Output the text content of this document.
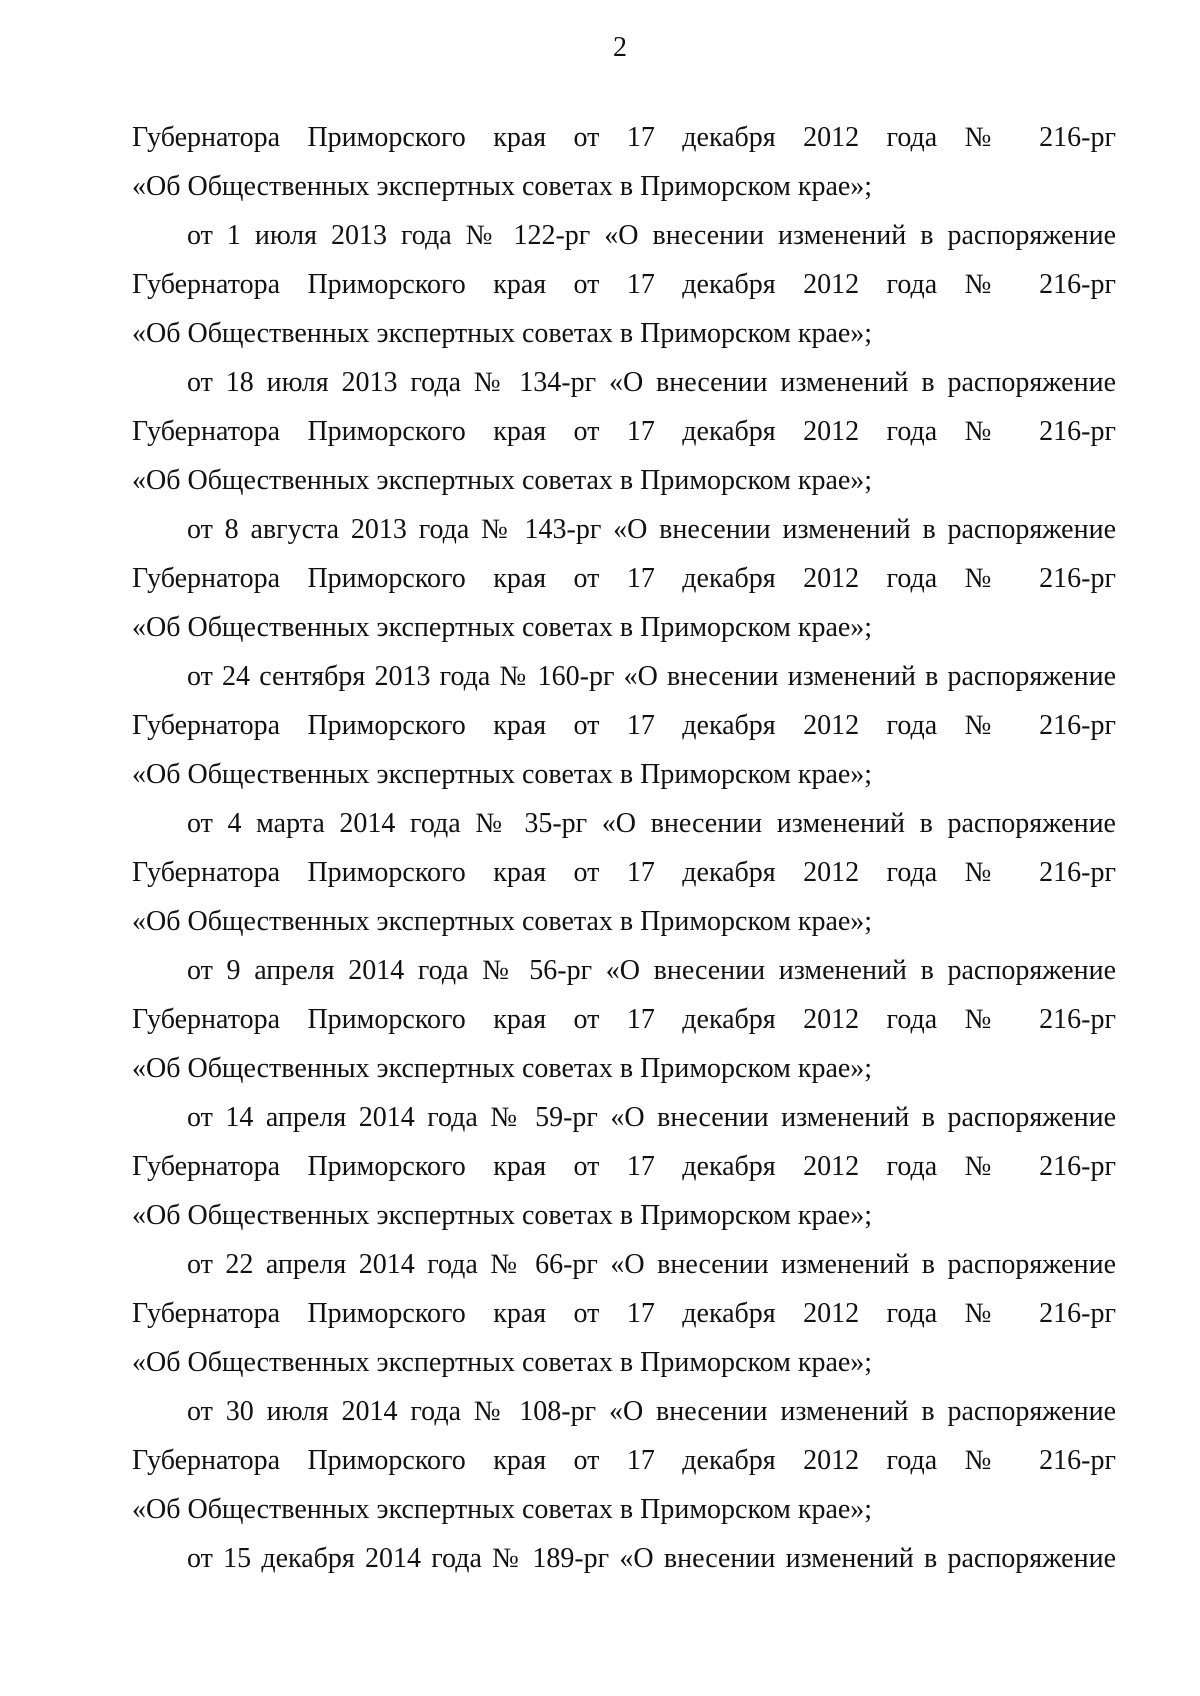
2
Губернатора Приморского края от 17 декабря 2012 года № 216-рг
«Об Общественных экспертных советах в Приморском крае»;
от 1 июля 2013 года № 122-рг «О внесении изменений в распоряжение
Губернатора Приморского края от 17 декабря 2012 года № 216-рг
«Об Общественных экспертных советах в Приморском крае»;
от 18 июля 2013 года № 134-рг «О внесении изменений в распоряжение
Губернатора Приморского края от 17 декабря 2012 года № 216-рг
«Об Общественных экспертных советах в Приморском крае»;
от 8 августа 2013 года № 143-рг «О внесении изменений в распоряжение
Губернатора Приморского края от 17 декабря 2012 года № 216-рг
«Об Общественных экспертных советах в Приморском крае»;
от 24 сентября 2013 года № 160-рг «О внесении изменений в распоряжение
Губернатора Приморского края от 17 декабря 2012 года № 216-рг
«Об Общественных экспертных советах в Приморском крае»;
от 4 марта 2014 года № 35-рг «О внесении изменений в распоряжение
Губернатора Приморского края от 17 декабря 2012 года № 216-рг
«Об Общественных экспертных советах в Приморском крае»;
от 9 апреля 2014 года № 56-рг «О внесении изменений в распоряжение
Губернатора Приморского края от 17 декабря 2012 года № 216-рг
«Об Общественных экспертных советах в Приморском крае»;
от 14 апреля 2014 года № 59-рг «О внесении изменений в распоряжение
Губернатора Приморского края от 17 декабря 2012 года № 216-рг
«Об Общественных экспертных советах в Приморском крае»;
от 22 апреля 2014 года № 66-рг «О внесении изменений в распоряжение
Губернатора Приморского края от 17 декабря 2012 года № 216-рг
«Об Общественных экспертных советах в Приморском крае»;
от 30 июля 2014 года № 108-рг «О внесении изменений в распоряжение
Губернатора Приморского края от 17 декабря 2012 года № 216-рг
«Об Общественных экспертных советах в Приморском крае»;
от 15 декабря 2014 года № 189-рг «О внесении изменений в распоряжение
